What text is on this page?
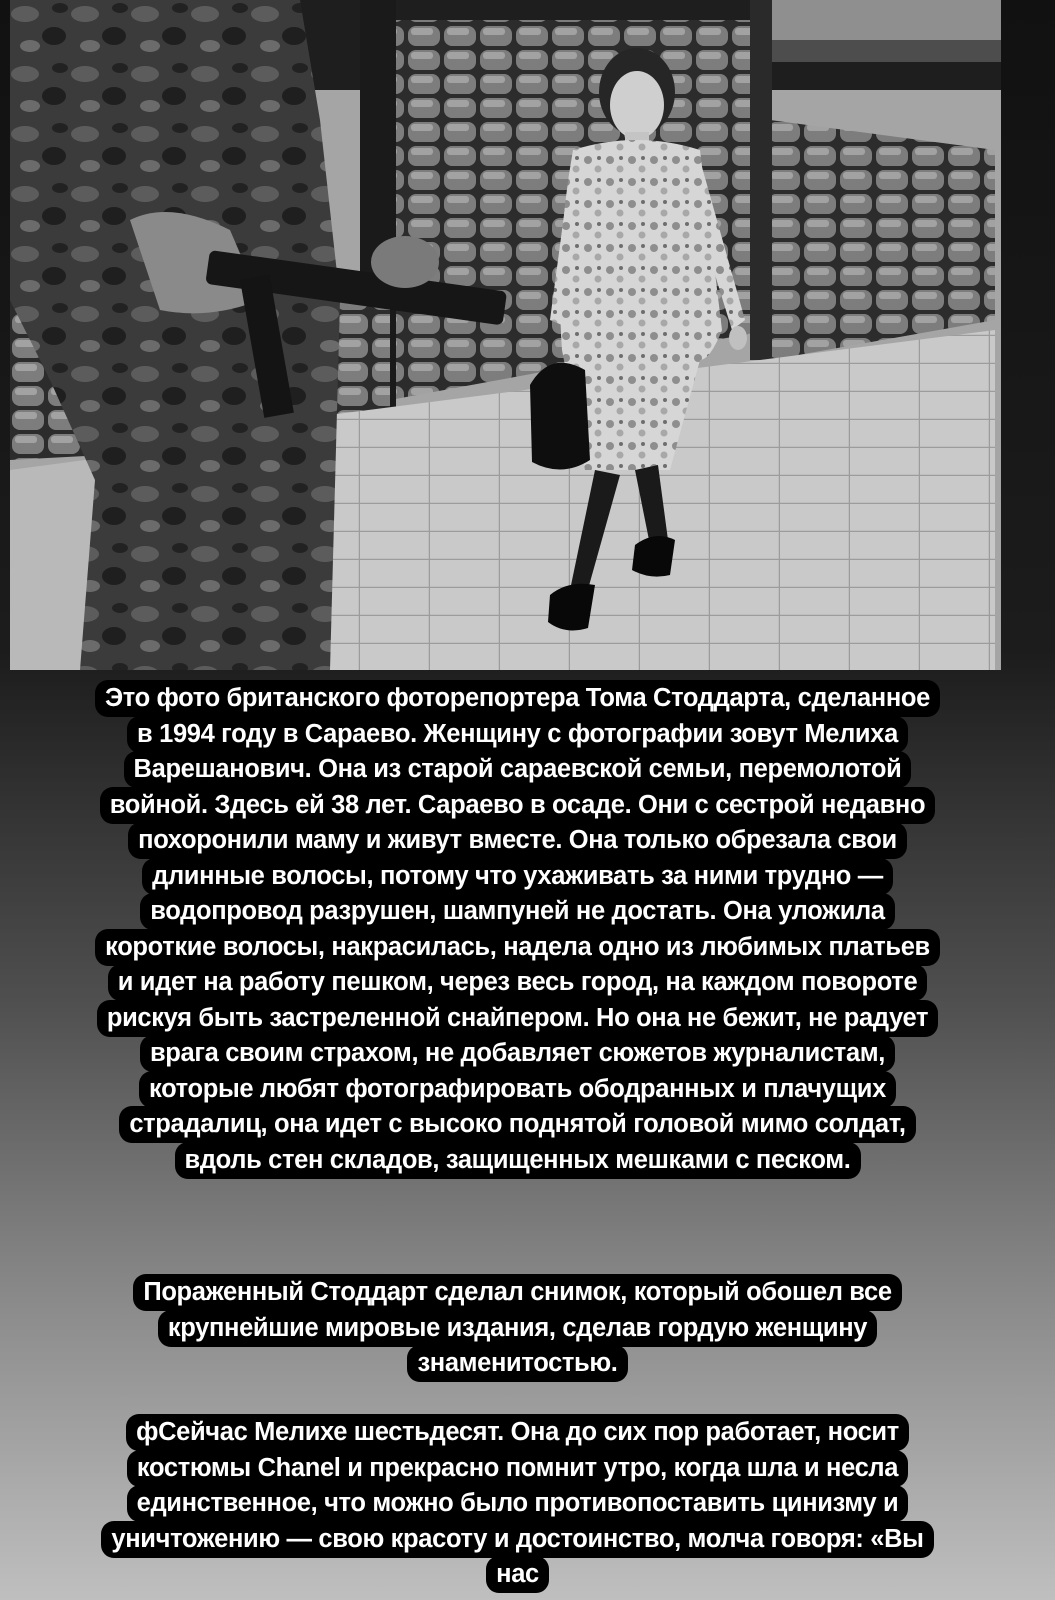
Это фото британского фоторепортера Тома Стоддарта, сделанное в 1994 году в Сараево. Женщину с фотографии зовут Мелиха Варешанович. Она из старой сараевской семьи, перемолотой войной. Здесь ей 38 лет. Сараево в осаде. Они с сестрой недавно похоронили маму и живут вместе. Она только обрезала свои длинные волосы, потому что ухаживать за ними трудно — водопровод разрушен, шампуней не достать. Она уложила короткие волосы, накрасилась, надела одно из любимых платьев и идет на работу пешком, через весь город, на каждом повороте рискуя быть застреленной снайпером. Но она не бежит, не радует врага своим страхом, не добавляет сюжетов журналистам, которые любят фотографировать ободранных и плачущих страдалиц, она идет с высоко поднятой головой мимо солдат, вдоль стен складов, защищенных мешками с песком.

Пораженный Стоддарт сделал снимок, который обошел все крупнейшие мировые издания, сделав гордую женщину знаменитостью.

фСейчас Мелихе шестьдесят. Она до сих пор работает, носит костюмы Chanel и прекрасно помнит утро, когда шла и несла единственное, что можно было противопоставить цинизму и уничтожению — свою красоту и достоинство, молча говоря: «Вы нас
